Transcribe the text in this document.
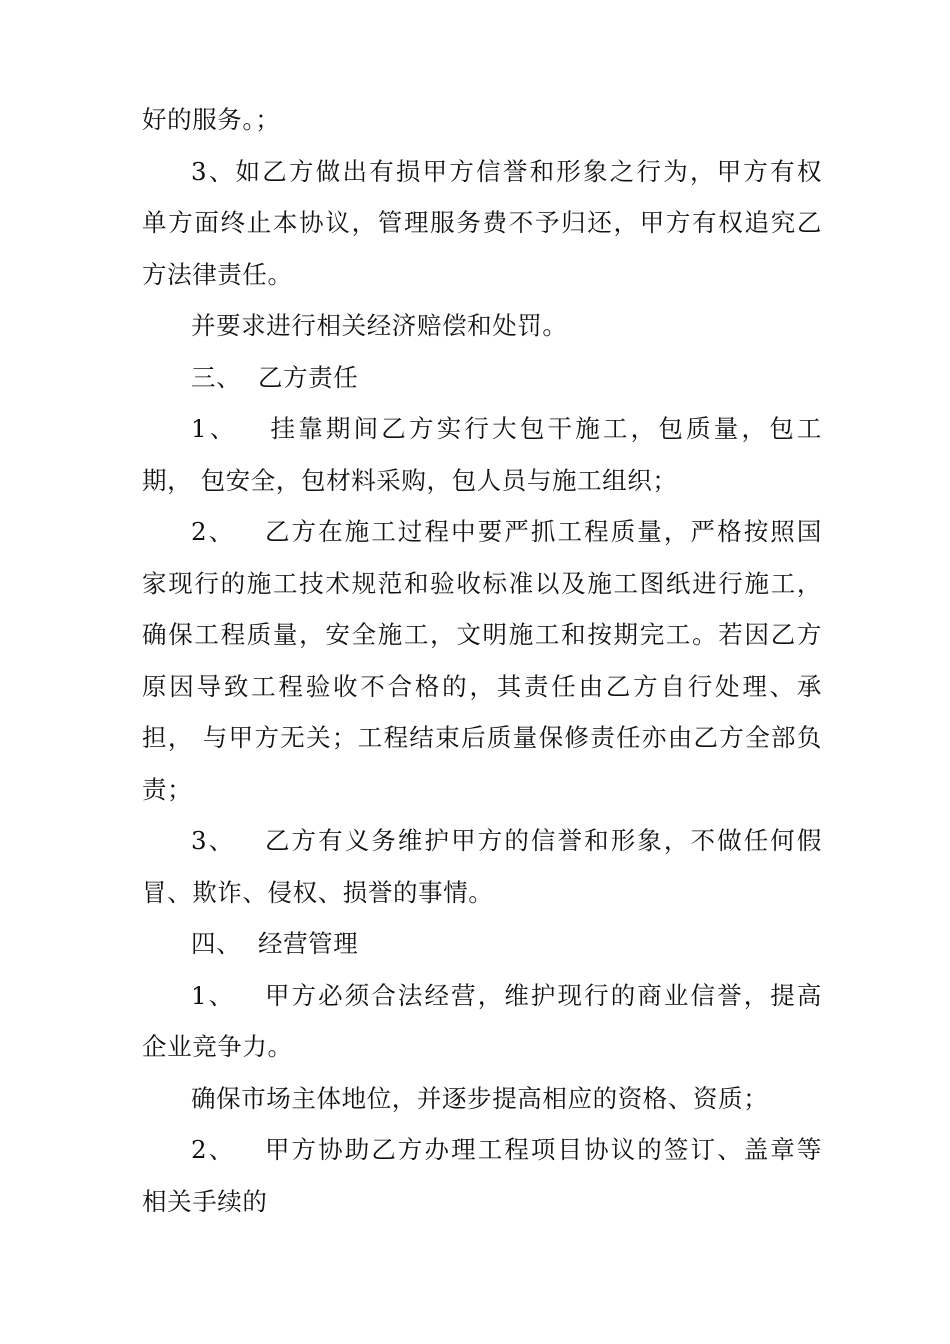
好的服务。；
3、如乙方做出有损甲方信誉和形象之行为，甲方有权
单方面终止本协议，管理服务费不予归还，甲方有权追究乙
方法律责任。
并要求进行相关经济赔偿和处罚。
三、  乙方责任
1、   挂靠期间乙方实行大包干施工，包质量，包工
期， 包安全，包材料采购，包人员与施工组织；
2、   乙方在施工过程中要严抓工程质量，严格按照国
家现行的施工技术规范和验收标准以及施工图纸进行施工，
确保工程质量，安全施工，文明施工和按期完工。若因乙方
原因导致工程验收不合格的，其责任由乙方自行处理、承
担， 与甲方无关；工程结束后质量保修责任亦由乙方全部负
责；
3、   乙方有义务维护甲方的信誉和形象，不做任何假
冒、欺诈、侵权、损誉的事情。
四、  经营管理
1、   甲方必须合法经营，维护现行的商业信誉，提高
企业竞争力。
确保市场主体地位，并逐步提高相应的资格、资质；
2、   甲方协助乙方办理工程项目协议的签订、盖章等
相关手续的
